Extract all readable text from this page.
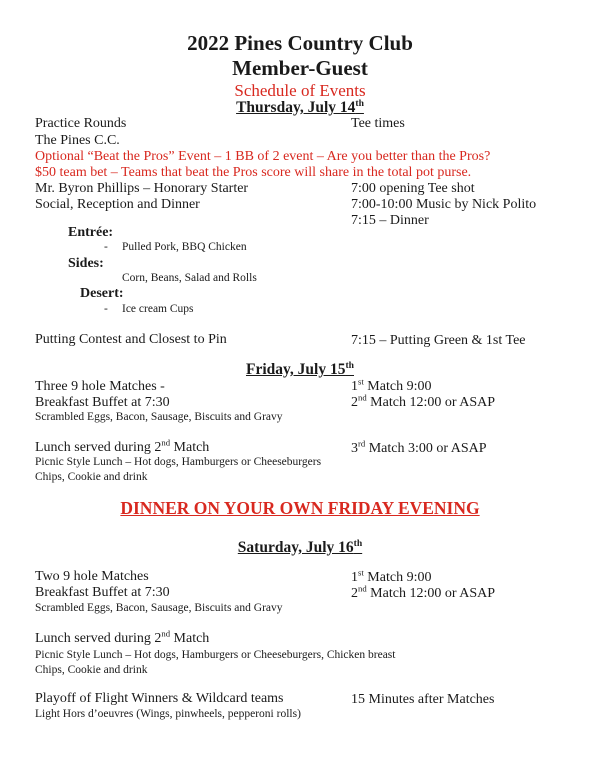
2022 Pines Country Club
Member-Guest
Schedule of Events
Thursday, July 14th
Practice Rounds	Tee times
The Pines C.C.
Optional “Beat the Pros” Event – 1 BB of 2 event – Are you better than the Pros?
$50 team bet – Teams that beat the Pros score will share in the total pot purse.
Mr. Byron Phillips – Honorary Starter	7:00 opening Tee shot
Social, Reception and Dinner	7:00-10:00 Music by Nick Polito
7:15 – Dinner
Entrée:
- Pulled Pork, BBQ Chicken
Sides:
Corn, Beans, Salad and Rolls
Desert:
- Ice cream Cups
Putting Contest and Closest to Pin	7:15 – Putting Green & 1st Tee
Friday, July 15th
Three 9 hole Matches -	1st Match 9:00
Breakfast Buffet at 7:30	2nd Match 12:00 or ASAP
Scrambled Eggs, Bacon, Sausage, Biscuits and Gravy
Lunch served during 2nd Match	3rd Match 3:00 or ASAP
Picnic Style Lunch – Hot dogs, Hamburgers or Cheeseburgers
Chips, Cookie and drink
DINNER ON YOUR OWN FRIDAY EVENING
Saturday, July 16th
Two 9 hole Matches	1st Match 9:00
Breakfast Buffet at 7:30	2nd Match 12:00 or ASAP
Scrambled Eggs, Bacon, Sausage, Biscuits and Gravy
Lunch served during 2nd Match
Picnic Style Lunch – Hot dogs, Hamburgers or Cheeseburgers, Chicken breast
Chips, Cookie and drink
Playoff of Flight Winners & Wildcard teams	15 Minutes after Matches
Light Hors d’oeuvres (Wings, pinwheels, pepperoni rolls)
